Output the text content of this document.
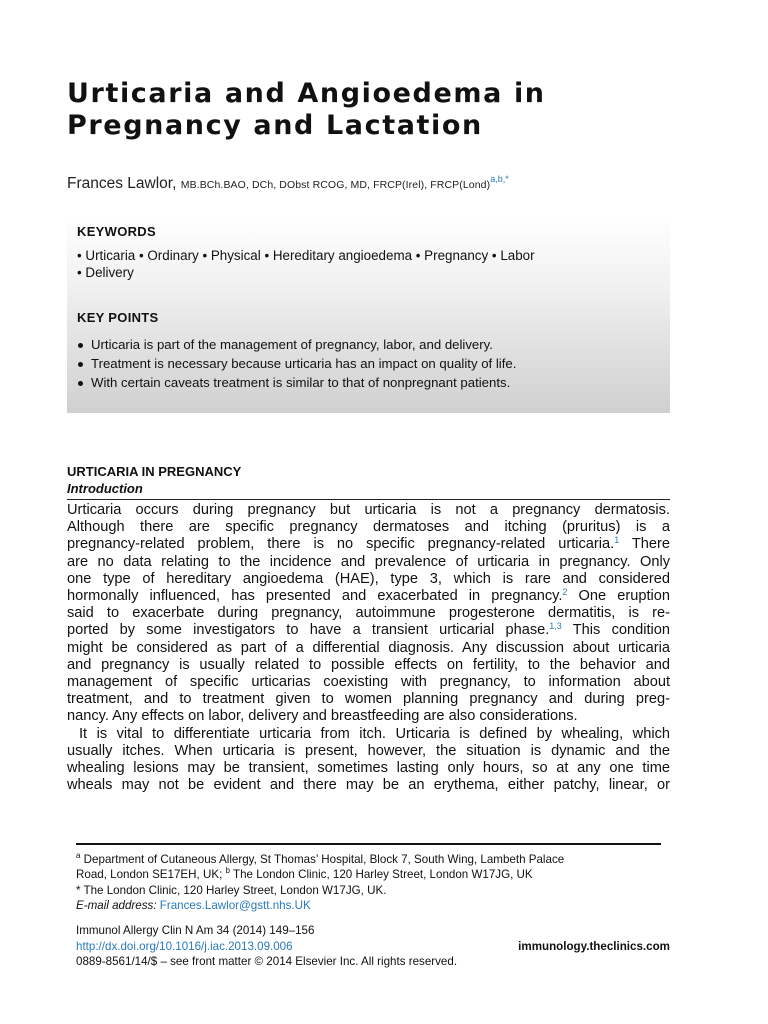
Urticaria and Angioedema in
Pregnancy and Lactation
Frances Lawlor, MB.BCh.BAO, DCh, DObst RCOG, MD, FRCP(Irel), FRCP(Lond)$^{a,b,*}$
KEYWORDS
• Urticaria • Ordinary • Physical • Hereditary angioedema • Pregnancy • Labor
• Delivery
KEY POINTS
Urticaria is part of the management of pregnancy, labor, and delivery.
Treatment is necessary because urticaria has an impact on quality of life.
With certain caveats treatment is similar to that of nonpregnant patients.
URTICARIA IN PREGNANCY
Introduction
Urticaria occurs during pregnancy but urticaria is not a pregnancy dermatosis.
Although there are specific pregnancy dermatoses and itching (pruritus) is a
pregnancy-related problem, there is no specific pregnancy-related urticaria.$^1$ There
are no data relating to the incidence and prevalence of urticaria in pregnancy. Only
one type of hereditary angioedema (HAE), type 3, which is rare and considered
hormonally influenced, has presented and exacerbated in pregnancy.$^2$ One eruption
said to exacerbate during pregnancy, autoimmune progesterone dermatitis, is re-
ported by some investigators to have a transient urticarial phase.$^{1,3}$ This condition
might be considered as part of a differential diagnosis. Any discussion about urticaria
and pregnancy is usually related to possible effects on fertility, to the behavior and
management of specific urticarias coexisting with pregnancy, to information about
treatment, and to treatment given to women planning pregnancy and during preg-
nancy. Any effects on labor, delivery and breastfeeding are also considerations.
It is vital to differentiate urticaria from itch. Urticaria is defined by whealing, which
usually itches. When urticaria is present, however, the situation is dynamic and the
whealing lesions may be transient, sometimes lasting only hours, so at any one time
wheals may not be evident and there may be an erythema, either patchy, linear, or
$^a$ Department of Cutaneous Allergy, St Thomas’ Hospital, Block 7, South Wing, Lambeth Palace
Road, London SE17EH, UK; $^b$ The London Clinic, 120 Harley Street, London W17JG, UK
* The London Clinic, 120 Harley Street, London W17JG, UK.
E-mail address: Frances.Lawlor@gstt.nhs.UK
Immunol Allergy Clin N Am 34 (2014) 149–156
http://dx.doi.org/10.1016/j.iac.2013.09.006	immunology.theclinics.com
0889-8561/14/$ – see front matter © 2014 Elsevier Inc. All rights reserved.
